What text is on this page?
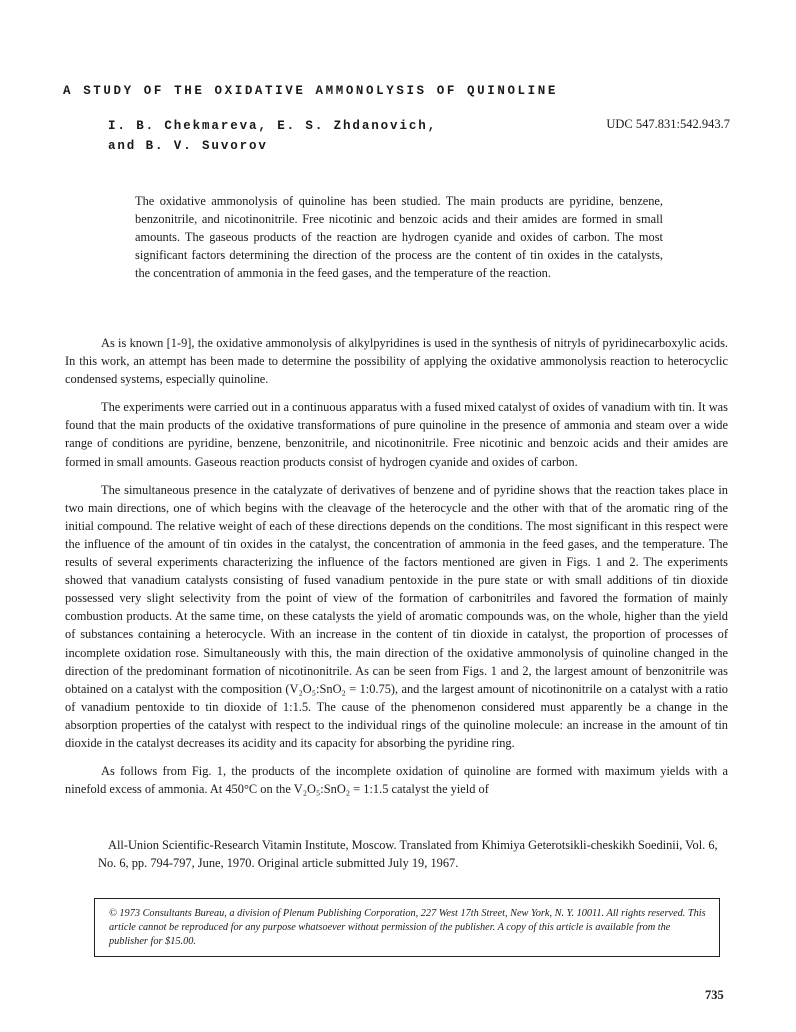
A STUDY OF THE OXIDATIVE AMMONOLYSIS OF QUINOLINE
I. B. Chekmareva, E. S. Zhdanovich,
and B. V. Suvorov
UDC 547.831:542.943.7
The oxidative ammonolysis of quinoline has been studied. The main products are pyridine, benzene, benzonitrile, and nicotinonitrile. Free nicotinic and benzoic acids and their amides are formed in small amounts. The gaseous products of the reaction are hydrogen cyanide and oxides of carbon. The most significant factors determining the direction of the process are the content of tin oxides in the catalysts, the concentration of ammonia in the feed gases, and the temperature of the reaction.

As is known [1-9], the oxidative ammonolysis of alkylpyridines is used in the synthesis of nitryls of pyridinecarboxylic acids. In this work, an attempt has been made to determine the possibility of applying the oxidative ammonolysis reaction to heterocyclic condensed systems, especially quinoline.

The experiments were carried out in a continuous apparatus with a fused mixed catalyst of oxides of vanadium with tin. It was found that the main products of the oxidative transformations of pure quinoline in the presence of ammonia and steam over a wide range of conditions are pyridine, benzene, benzonitrile, and nicotinonitrile. Free nicotinic and benzoic acids and their amides are formed in small amounts. Gaseous reaction products consist of hydrogen cyanide and oxides of carbon.

The simultaneous presence in the catalyzate of derivatives of benzene and of pyridine shows that the reaction takes place in two main directions, one of which begins with the cleavage of the heterocycle and the other with that of the aromatic ring of the initial compound. The relative weight of each of these directions depends on the conditions. The most significant in this respect were the influence of the amount of tin oxides in the catalyst, the concentration of ammonia in the feed gases, and the temperature. The results of several experiments characterizing the influence of the factors mentioned are given in Figs. 1 and 2. The experiments showed that vanadium catalysts consisting of fused vanadium pentoxide in the pure state or with small additions of tin dioxide possessed very slight selectivity from the point of view of the formation of carbonitriles and favored the formation of mainly combustion products. At the same time, on these catalysts the yield of aromatic compounds was, on the whole, higher than the yield of substances containing a heterocycle. With an increase in the content of tin dioxide in catalyst, the proportion of processes of incomplete oxidation rose. Simultaneously with this, the main direction of the oxidative ammonolysis of quinoline changed in the direction of the predominant formation of nicotinonitrile. As can be seen from Figs. 1 and 2, the largest amount of benzonitrile was obtained on a catalyst with the composition (V₂O₅:SnO₂ = 1:0.75), and the largest amount of nicotinonitrile on a catalyst with a ratio of vanadium pentoxide to tin dioxide of 1:1.5. The cause of the phenomenon considered must apparently be a change in the absorption properties of the catalyst with respect to the individual rings of the quinoline molecule: an increase in the amount of tin dioxide in the catalyst decreases its acidity and its capacity for absorbing the pyridine ring.

As follows from Fig. 1, the products of the incomplete oxidation of quinoline are formed with maximum yields with a ninefold excess of ammonia. At 450°C on the V₂O₅:SnO₂ = 1:1.5 catalyst the yield of

All-Union Scientific-Research Vitamin Institute, Moscow. Translated from Khimiya Geterotsikli-cheskikh Soedinii, Vol. 6, No. 6, pp. 794-797, June, 1970. Original article submitted July 19, 1967.
© 1973 Consultants Bureau, a division of Plenum Publishing Corporation, 227 West 17th Street, New York, N. Y. 10011. All rights reserved. This article cannot be reproduced for any purpose whatsoever without permission of the publisher. A copy of this article is available from the publisher for $15.00.
735
